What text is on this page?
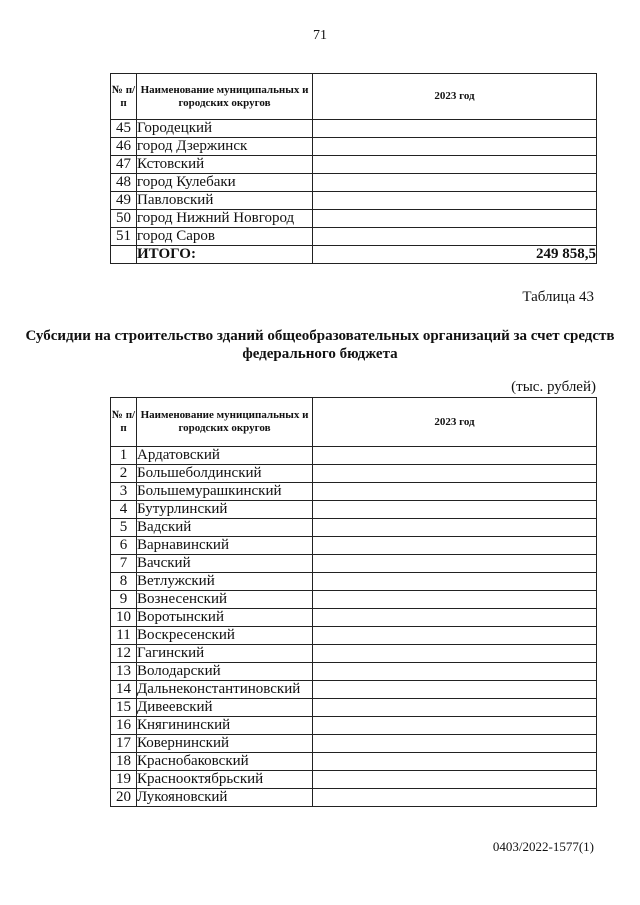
71
№ п/п	Наименование муниципальных и городских округов	2023 год
45	Городецкий	
46	город Дзержинск	
47	Кстовский	
48	город Кулебаки	
49	Павловский	
50	город Нижний Новгород	
51	город Саров	
	ИТОГО:	249 858,5
Таблица 43
Субсидии на строительство зданий общеобразовательных организаций за счет средств федерального бюджета
(тыс. рублей)
№ п/п	Наименование муниципальных и городских округов	2023 год
1	Ардатовский	
2	Большеболдинский	
3	Большемурашкинский	
4	Бутурлинский	
5	Вадский	
6	Варнавинский	
7	Вачский	
8	Ветлужский	
9	Вознесенский	
10	Воротынский	
11	Воскресенский	
12	Гагинский	
13	Володарский	
14	Дальнеконстантиновский	
15	Дивеевский	
16	Княгининский	
17	Ковернинский	
18	Краснобаковский	
19	Краснооктябрьский	
20	Лукояновский	
0403/2022-1577(1)
